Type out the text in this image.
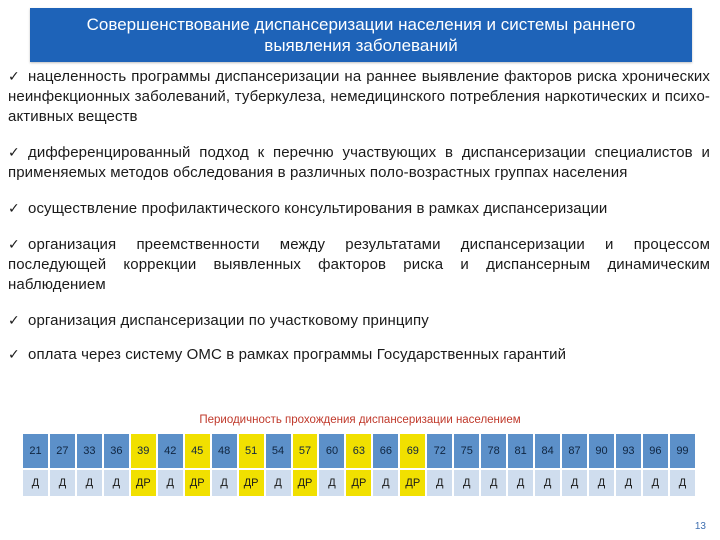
Совершенствование диспансеризации населения и системы раннего выявления заболеваний
✓ нацеленность программы диспансеризации на раннее выявление факторов риска хронических неинфекционных заболеваний, туберкулеза, немедицинского потребления наркотических и психо-активных веществ
✓ дифференцированный подход к перечню участвующих в диспансеризации специалистов и применяемых методов обследования в различных поло-возрастных группах населения
✓ осуществление профилактического консультирования в рамках диспансеризации
✓ организация преемственности между результатами диспансеризации и процессом последующей коррекции выявленных факторов риска и диспансерным динамическим наблюдением
✓ организация диспансеризации по участковому принципу
✓ оплата через систему ОМС в рамках программы Государственных гарантий
Периодичность прохождения диспансеризации населением
21	27	33	36	39	42	45	48	51	54	57	60	63	66	69	72	75	78	81	84	87	90	93	96	99
Д	Д	Д	Д	ДР	Д	ДР	Д	ДР	Д	ДР	Д	ДР	Д	ДР	Д	Д	Д	Д	Д	Д	Д	Д	Д	Д
13
